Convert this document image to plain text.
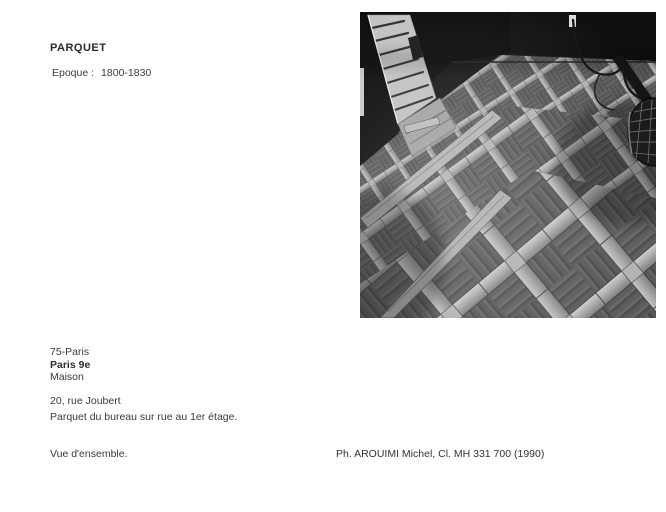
PARQUET
Epoque : 1800-1830
75-Paris
Paris 9e
Maison
20, rue Joubert
Parquet du bureau sur rue au 1er étage.
Vue d'ensemble.	Ph. AROUIMI Michel, Cl. MH 331 700 (1990)
